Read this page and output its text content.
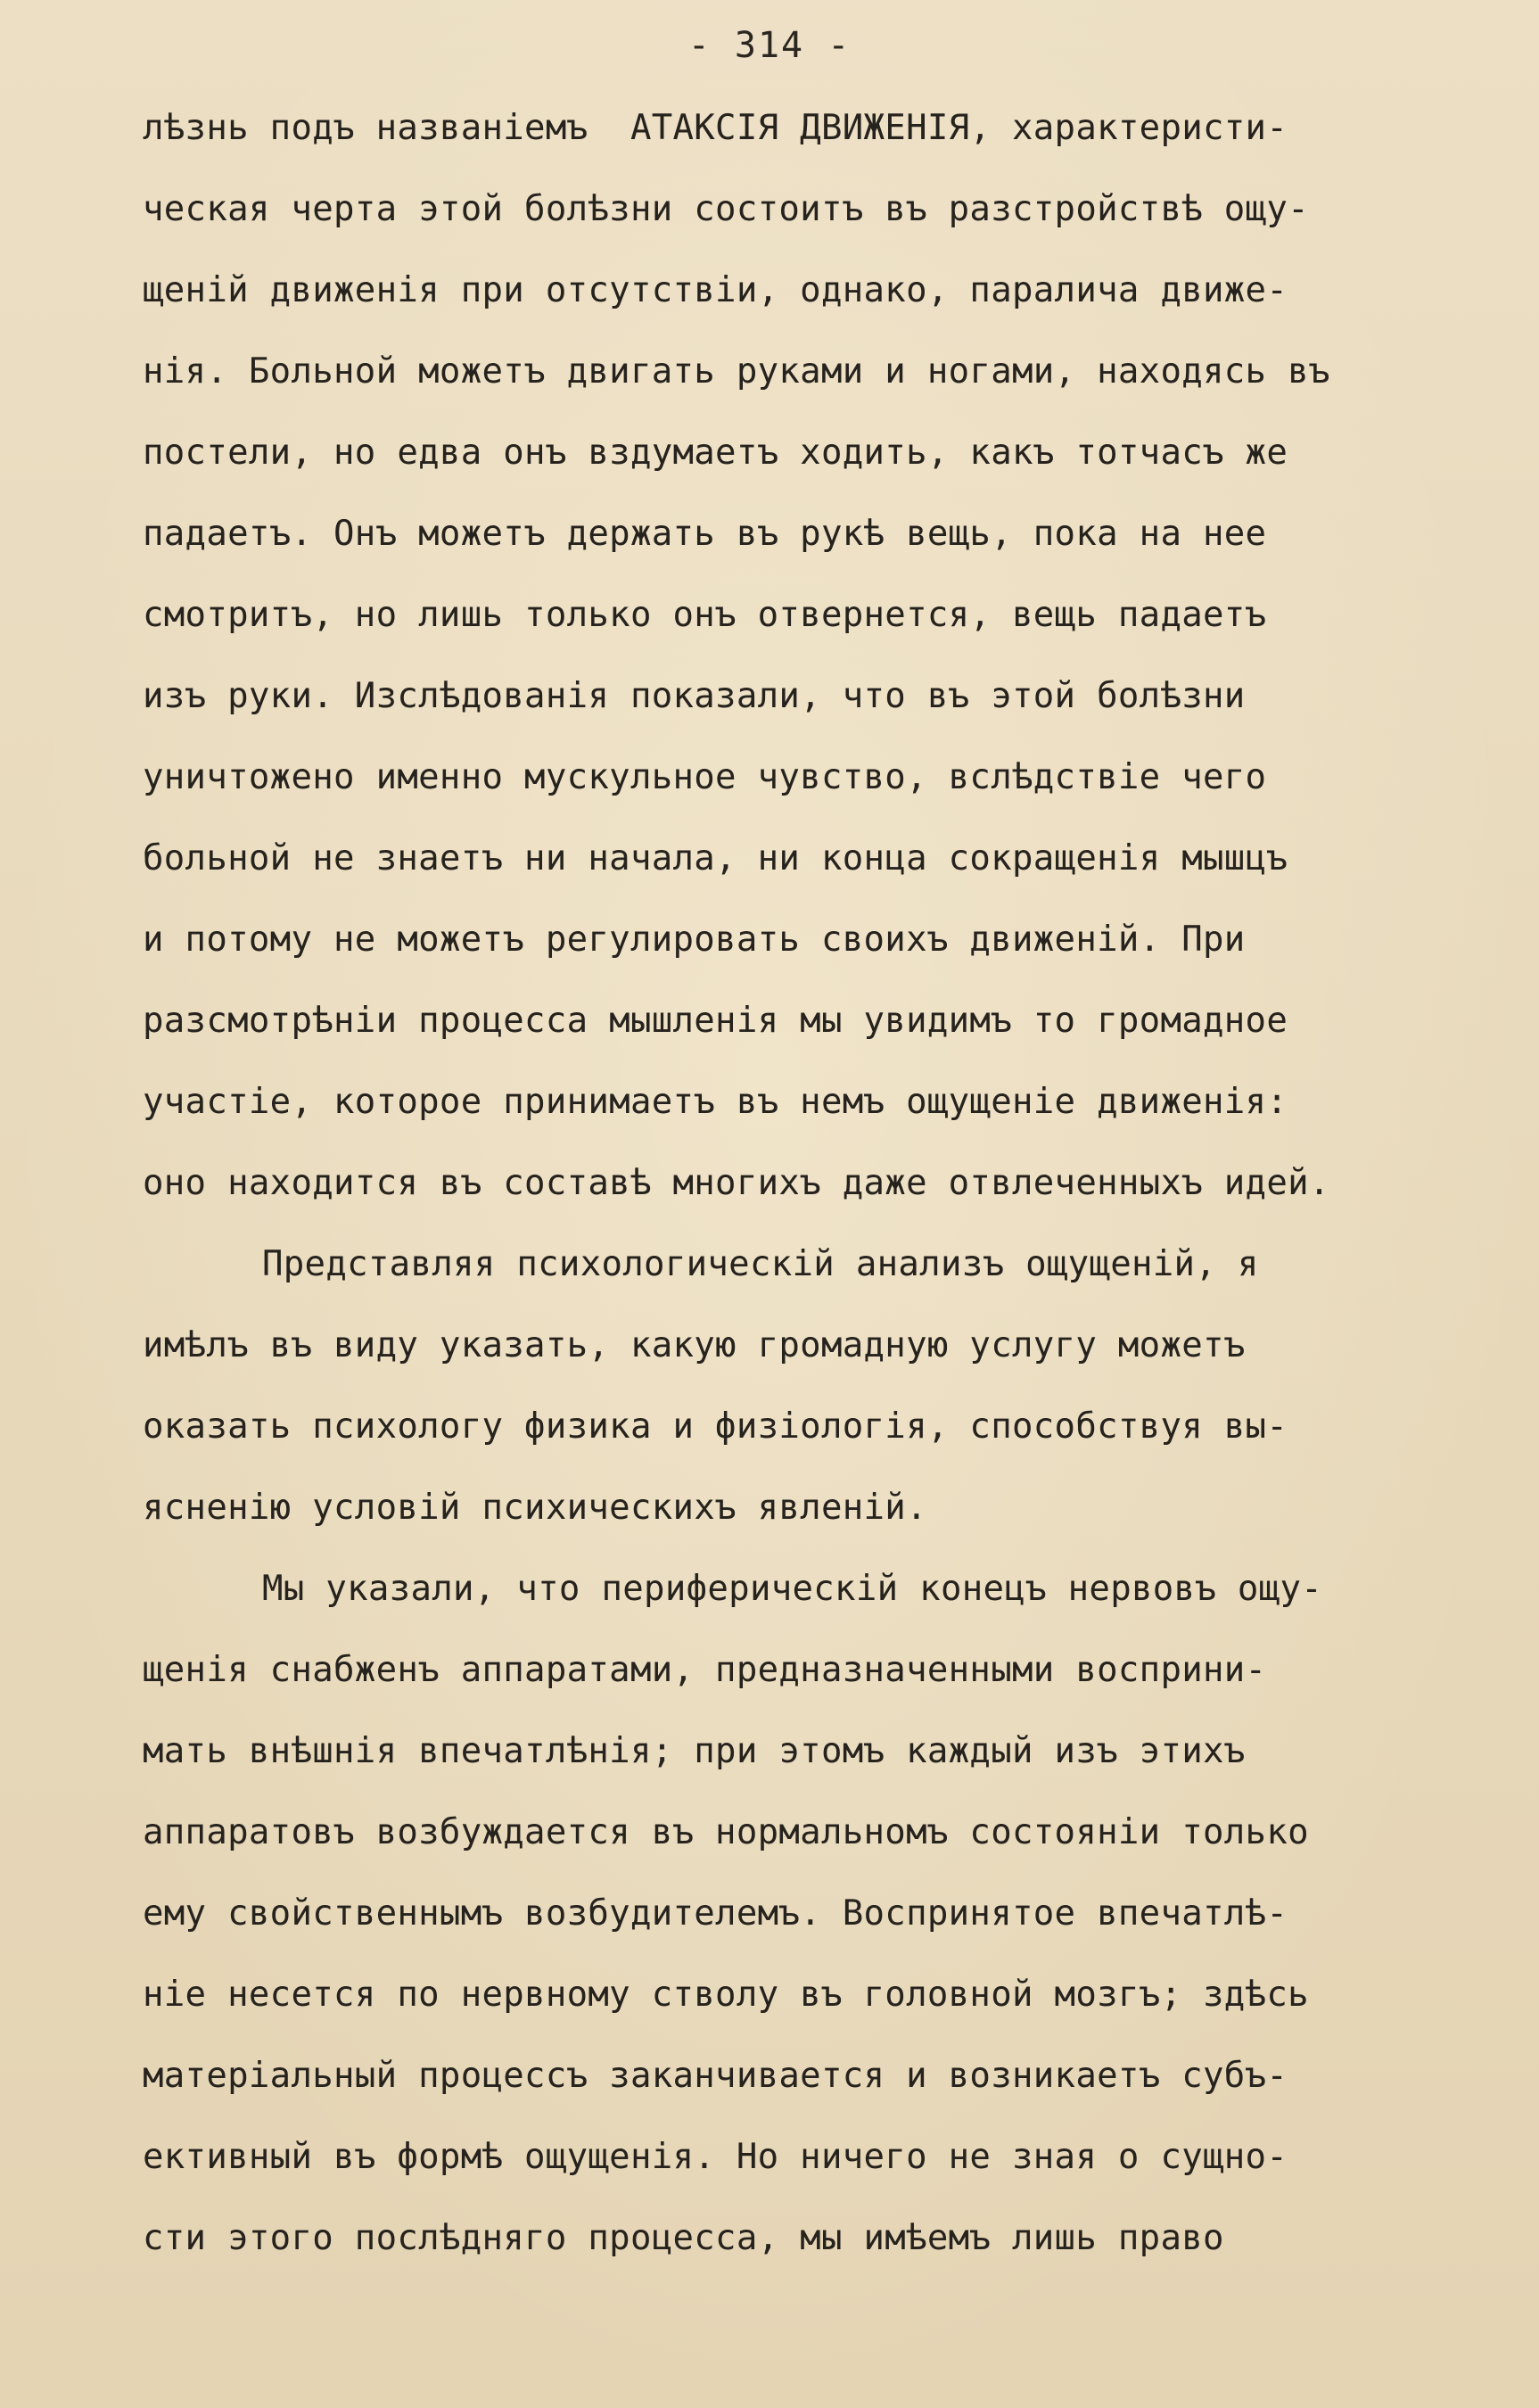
- 314 -
лѣзнь подъ названіемъ  АТАКСІЯ ДВИЖЕНІЯ, характеристи-
ческая черта этой болѣзни состоитъ въ разстройствѣ ощу-
щеній движенія при отсутствіи, однако, паралича движе-
нія. Больной можетъ двигать руками и ногами, находясь въ
постели, но едва онъ вздумаетъ ходить, какъ тотчасъ же
падаетъ. Онъ можетъ держать въ рукѣ вещь, пока на нее
смотритъ, но лишь только онъ отвернется, вещь падаетъ
изъ руки. Изслѣдованія показали, что въ этой болѣзни
уничтожено именно мускульное чувство, вслѣдствіе чего
больной не знаетъ ни начала, ни конца сокращенія мышцъ
и потому не можетъ регулировать своихъ движеній. При
разсмотрѣніи процесса мышленія мы увидимъ то громадное
участіе, которое принимаетъ въ немъ ощущеніе движенія:
оно находится въ составѣ многихъ даже отвлеченныхъ идей.
Представляя психологическій анализъ ощущеній, я
имѣлъ въ виду указать, какую громадную услугу можетъ
оказать психологу физика и физіологія, способствуя вы-
ясненію условій психическихъ явленій.
Мы указали, что периферическій конецъ нервовъ ощу-
щенія снабженъ аппаратами, предназначенными восприни-
мать внѣшнія впечатлѣнія; при этомъ каждый изъ этихъ
аппаратовъ возбуждается въ нормальномъ состояніи только
ему свойственнымъ возбудителемъ. Воспринятое впечатлѣ-
ніе несется по нервному стволу въ головной мозгъ; здѣсь
матеріальный процессъ заканчивается и возникаетъ субъ-
ективный въ формѣ ощущенія. Но ничего не зная о сущно-
сти этого послѣдняго процесса, мы имѣемъ лишь право
